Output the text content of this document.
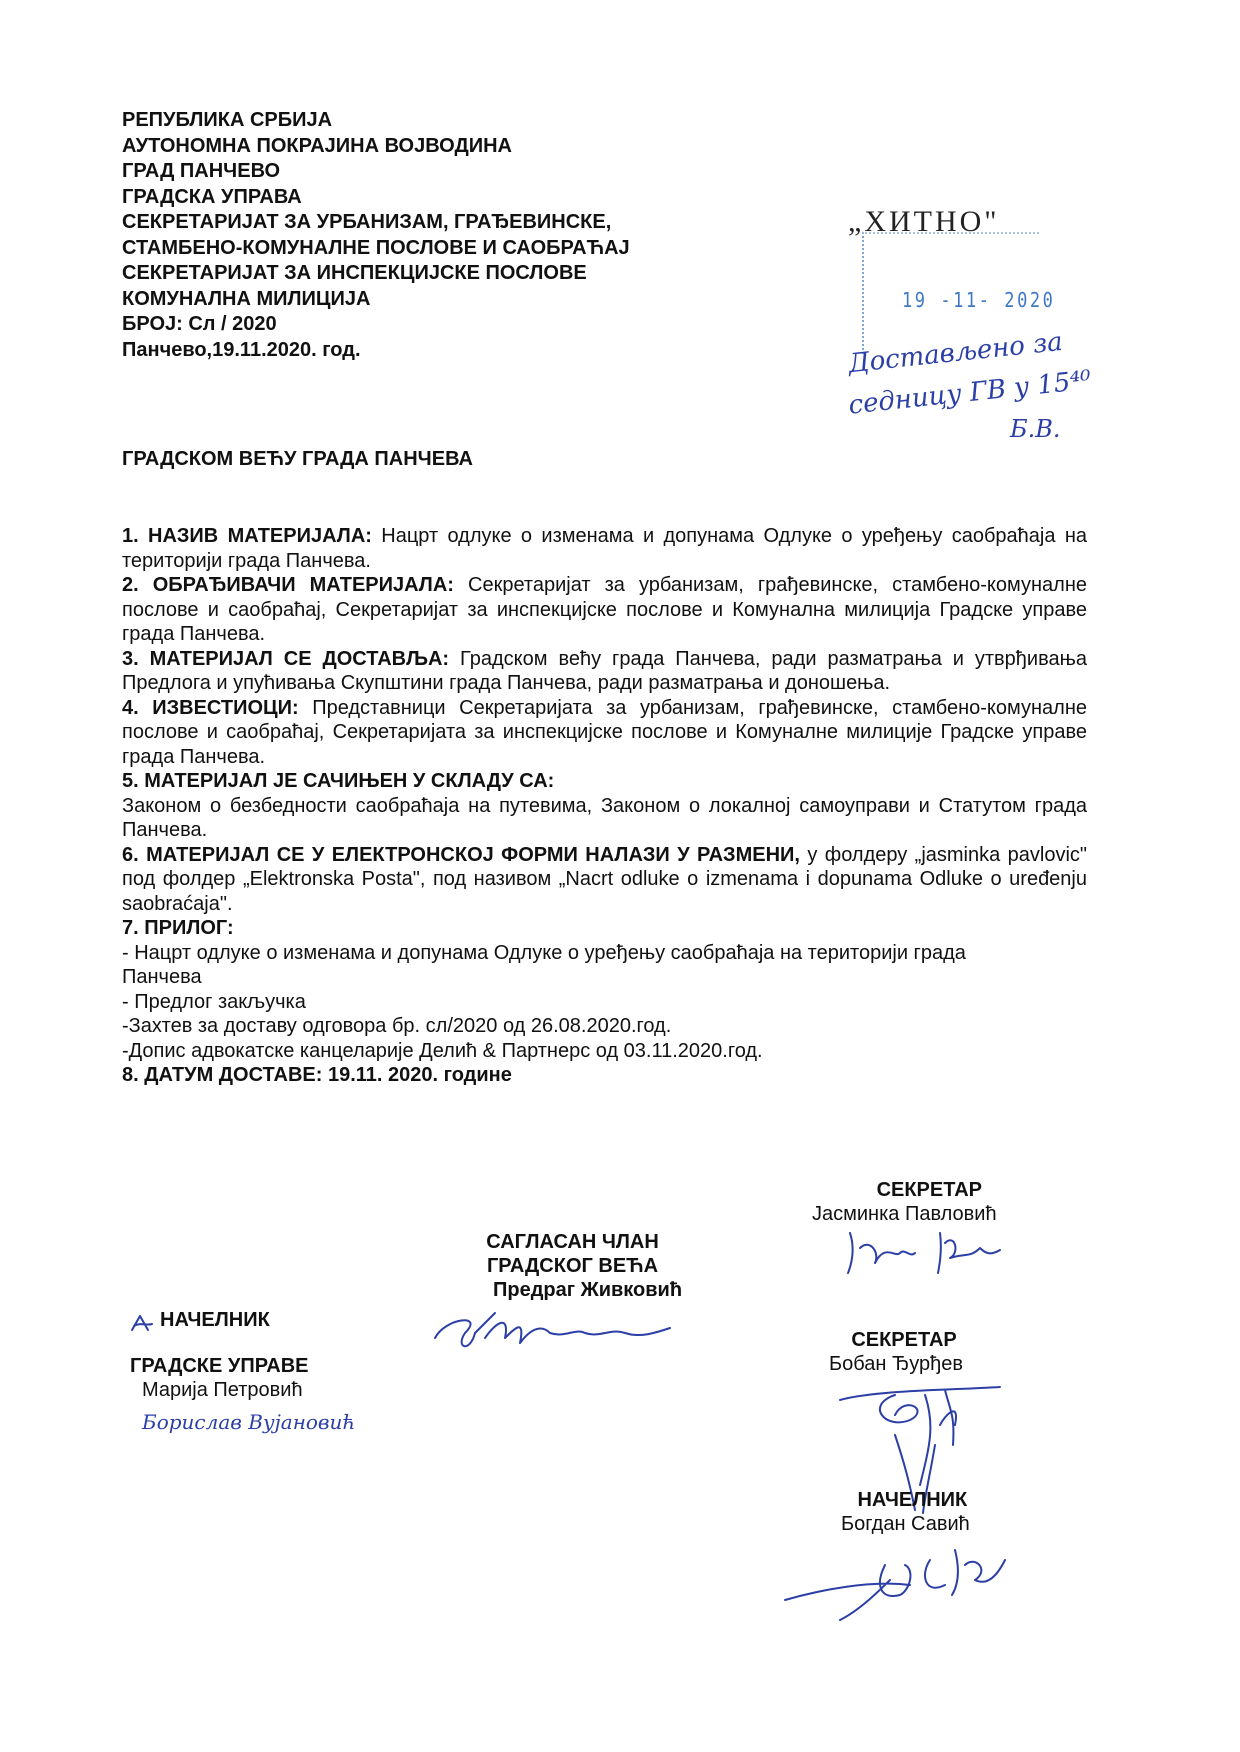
РЕПУБЛИКА СРБИЈА
АУТОНОМНА ПОКРАЈИНА ВОЈВОДИНА
ГРАД ПАНЧЕВО
ГРАДСКА УПРАВА
СЕКРЕТАРИЈАТ ЗА УРБАНИЗАМ, ГРАЂЕВИНСКЕ,
СТАМБЕНО-КОМУНАЛНЕ ПОСЛОВЕ И САОБРАЋАЈ
СЕКРЕТАРИЈАТ ЗА ИНСПЕКЦИЈСКЕ ПОСЛОВЕ
КОМУНАЛНА МИЛИЦИЈА
БРОЈ: Сл / 2020
Панчево,19.11.2020. год.
„ХИТНО"
19 -11- 2020
Достављено за
седницу ГВ у 15⁴⁰
Б.В.
ГРАДСКОМ ВЕЋУ ГРАДА ПАНЧЕВА
1. НАЗИВ МАТЕРИЈАЛА: Нацрт одлуке о изменама и допунама Одлуке о уређењу саобраћаја на територији града Панчева.
2. ОБРАЂИВАЧИ МАТЕРИЈАЛА: Секретаријат за урбанизам, грађевинске, стамбено-комуналне послове и саобраћај, Секретаријат за инспекцијске послове и Комунална милиција Градске управе града Панчева.
3. МАТЕРИЈАЛ СЕ ДОСТАВЉА: Градском већу града Панчева, ради разматрања и утврђивања Предлога и упућивања Скупштини града Панчева, ради разматрања и доношења.
4. ИЗВЕСТИОЦИ: Представници Секретаријата за урбанизам, грађевинске, стамбено-комуналне послове и саобраћај, Секретаријата за инспекцијске послове и Комуналне милиције Градске управе града Панчева.
5. МАТЕРИЈАЛ ЈЕ САЧИЊЕН У СКЛАДУ СА:
Законом о безбедности саобраћаја на путевима, Законом о локалној самоуправи и Статутом града Панчева.
6. МАТЕРИЈАЛ СЕ У ЕЛЕКТРОНСКОЈ ФОРМИ НАЛАЗИ У РАЗМЕНИ, у фолдеру „jasminka pavlovic" под фолдер „Elektronska Posta", под називом „Nacrt odluke o izmenama i dopunama Odluke o uređenju saobraćaja".
7. ПРИЛОГ:
- Нацрт одлуке о изменама и допунама Одлуке о уређењу саобраћаја на територији града
Панчева
- Предлог закључка
-Захтев за доставу одговора бр. сл/2020 од 26.08.2020.год.
-Допис адвокатске канцеларије Делић & Партнерс од 03.11.2020.год.
8. ДАТУМ ДОСТАВЕ: 19.11. 2020. године
СЕКРЕТАР
Јасминка Павловић
САГЛАСАН ЧЛАН
ГРАДСКОГ ВЕЋА
Предраг Живковић
НАЧЕЛНИК
ГРАДСКЕ УПРАВЕ
Марија Петровић
Борислав Вујановић
СЕКРЕТАР
Бобан Ђурђев
НАЧЕЛНИК
Богдан Савић
